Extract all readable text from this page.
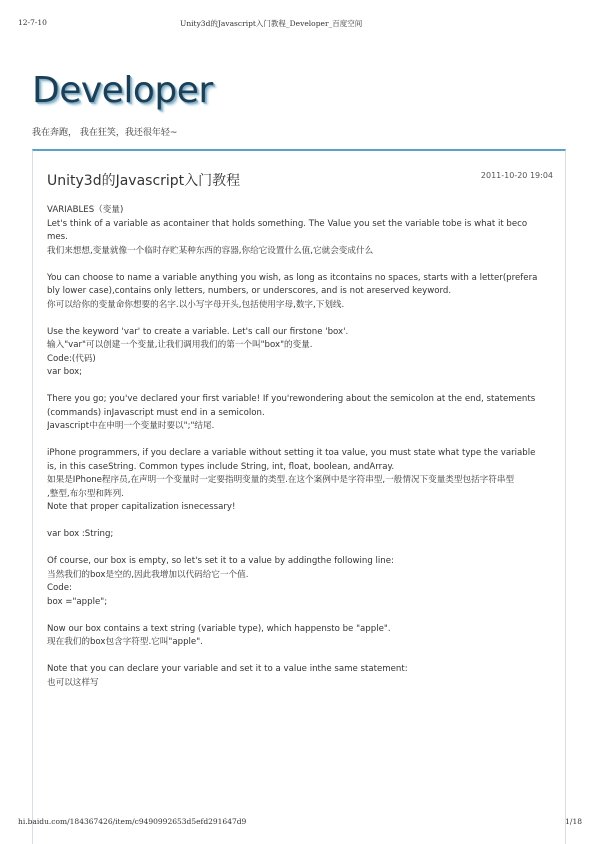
12-7-10	Unity3d的Javascript入门教程_Developer_百度空间
Developer
我在奔跑， 我在狂笑，我还很年轻~
Unity3d的Javascript入门教程	2011-10-20 19:04
VARIABLES（变量)
Let's think of a variable as acontainer that holds something. The Value you set the variable tobe is what it beco
mes.
我们来想想,变量就像一个临时存贮某种东西的容器,你给它设置什么值,它就会变成什么
You can choose to name a variable anything you wish, as long as itcontains no spaces, starts with a letter(prefera
bly lower case),contains only letters, numbers, or underscores, and is not areserved keyword.
你可以给你的变量命你想要的名字.以小写字母开头,包括使用字母,数字,下划线.
Use the keyword 'var' to create a variable. Let's call our firstone 'box'.
输入"var"可以创建一个变量,让我们调用我们的第一个叫"box"的变量.
Code:(代码)
var box;
There you go; you've declared your first variable! If you'rewondering about the semicolon at the end, statements
(commands) inJavascript must end in a semicolon.
Javascript中在申明一个变量时要以";"结尾.
iPhone programmers, if you declare a variable without setting it toa value, you must state what type the variable
is, in this caseString. Common types include String, int, float, boolean, andArray.
如果是IPhone程序员,在声明一个变量时一定要指明变量的类型.在这个案例中是字符串型,一般情况下变量类型包括字符串型
,整型,布尔型和阵列.
Note that proper capitalization isnecessary!
var box :String;
Of course, our box is empty, so let's set it to a value by addingthe following line:
当然我们的box是空的,因此我增加以代码给它一个值.
Code:
box ="apple";
Now our box contains a text string (variable type), which happensto be "apple".
现在我们的box包含字符型.它叫"apple".
Note that you can declare your variable and set it to a value inthe same statement:
也可以这样写
hi.baidu.com/184367426/item/c9490992653d5efd291647d9	1/18
